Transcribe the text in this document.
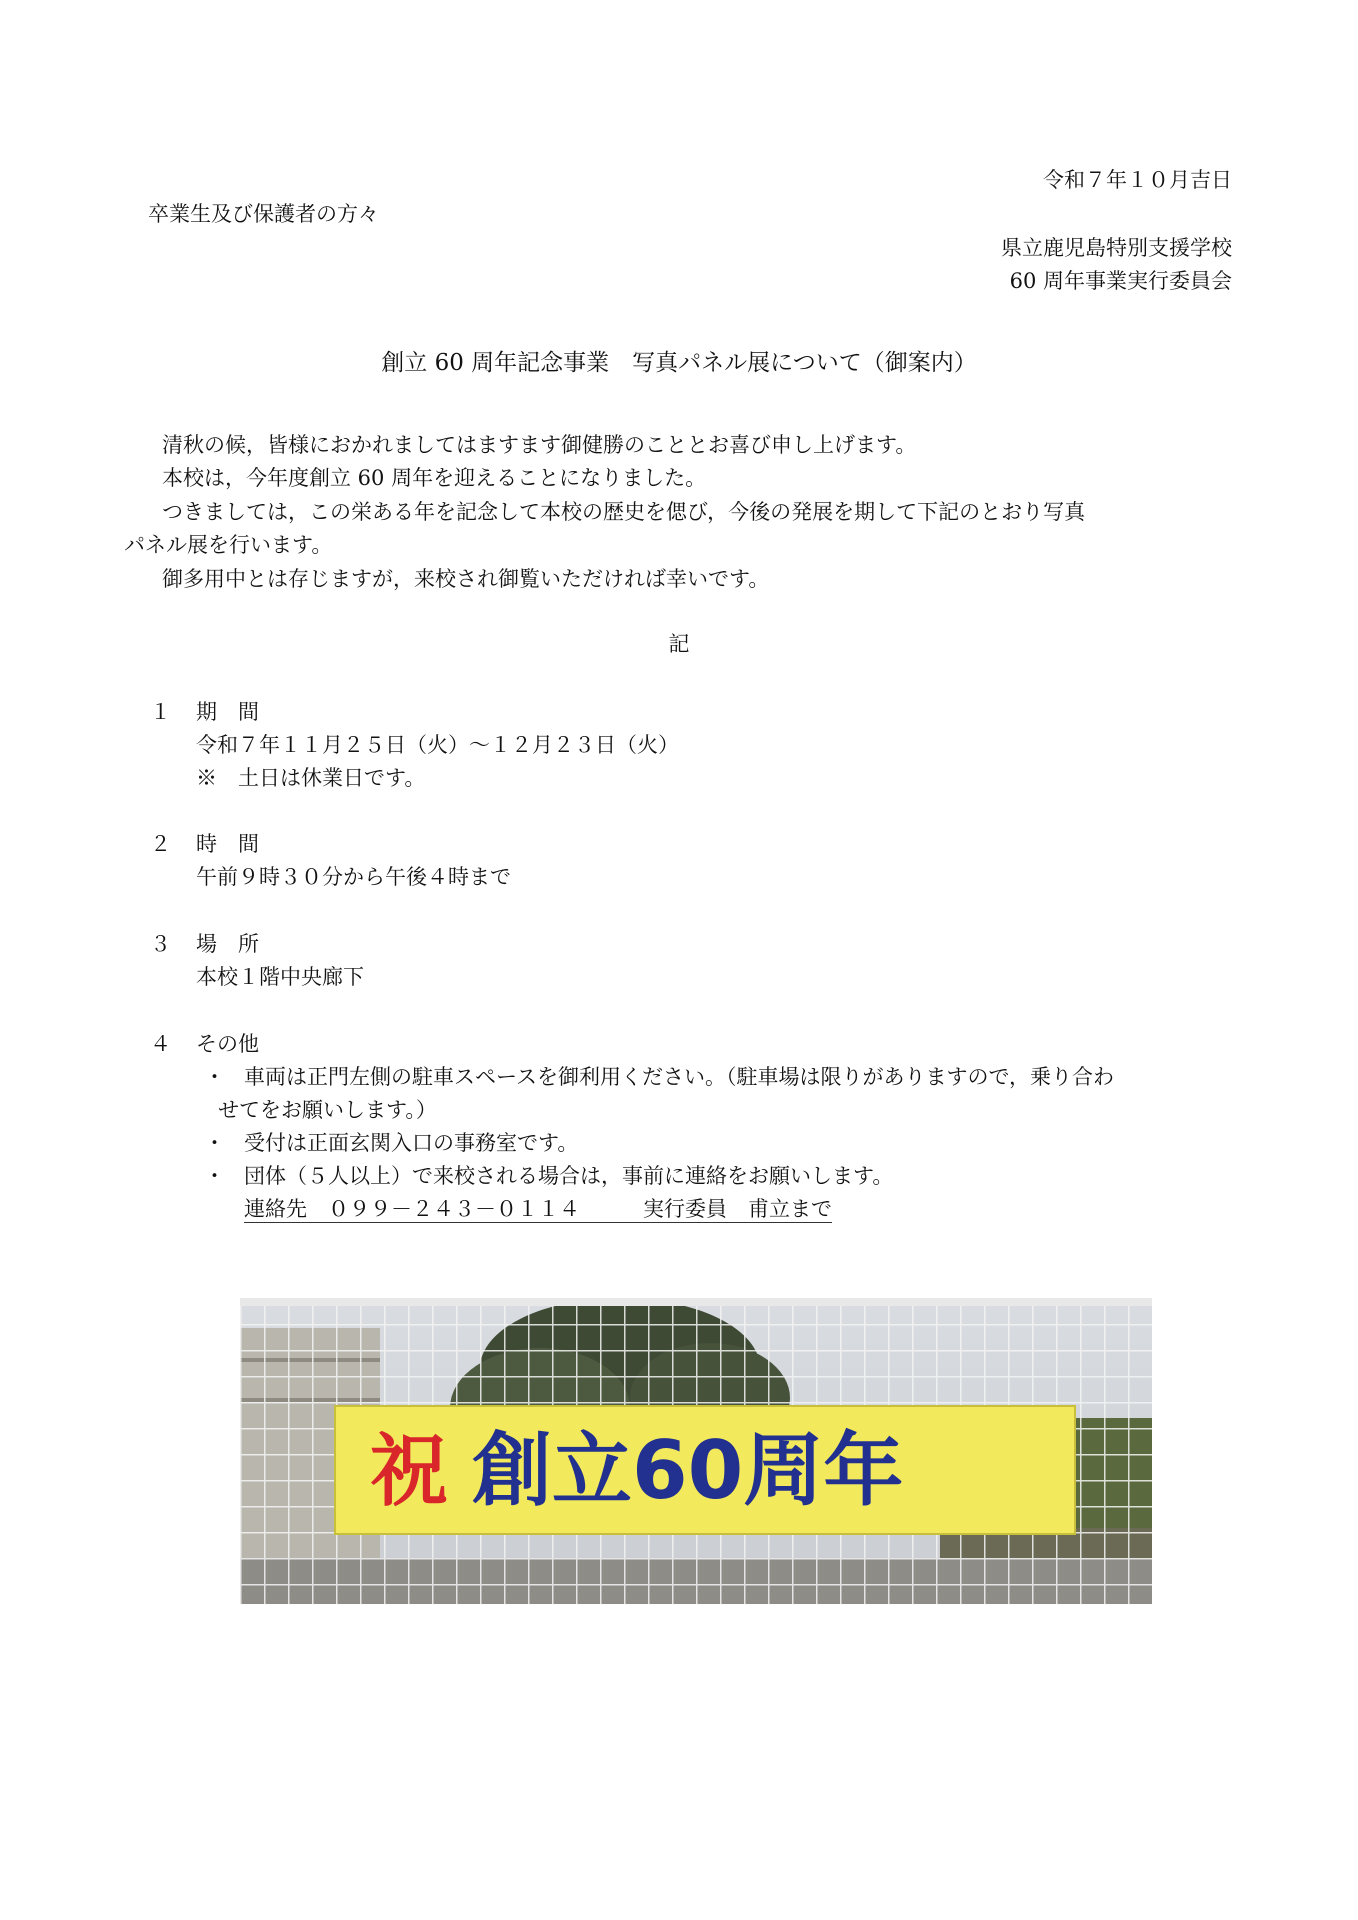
令和７年１０月吉日
卒業生及び保護者の方々
県立鹿児島特別支援学校
60 周年事業実行委員会
創立 60 周年記念事業　写真パネル展について（御案内）
清秋の候，皆様におかれましてはますます御健勝のこととお喜び申し上げます。
本校は，今年度創立 60 周年を迎えることになりました。
つきましては，この栄ある年を記念して本校の歴史を偲び，今後の発展を期して下記のとおり写真
パネル展を行います。
御多用中とは存じますが，来校され御覧いただければ幸いです。
記
１ 期　間
令和７年１１月２５日（火）～１２月２３日（火）
※　土日は休業日です。
２ 時　間
午前９時３０分から午後４時まで
３ 場　所
本校１階中央廊下
４ その他
・ 車両は正門左側の駐車スペースを御利用ください。（駐車場は限りがありますので，乗り合わ
せてをお願いします。）
・ 受付は正面玄関入口の事務室です。
・ 団体（５人以上）で来校される場合は，事前に連絡をお願いします。
連絡先　０９９－２４３－０１１４　　　実行委員　甫立まで
祝 創立60周年
